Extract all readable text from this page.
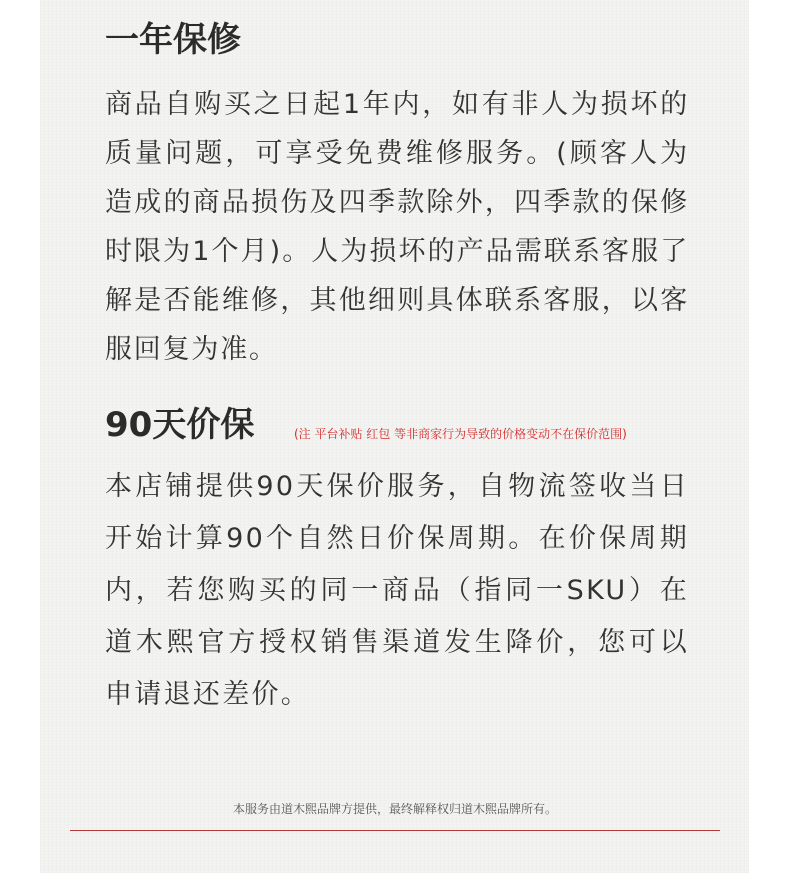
一年保修

商品自购买之日起1年内，如有非人为损坏的质量问题，可享受免费维修服务。(顾客人为造成的商品损伤及四季款除外，四季款的保修时限为1个月)。人为损坏的产品需联系客服了解是否能维修，其他细则具体联系客服，以客服回复为准。

90天价保	(注 平台补贴 红包 等非商家行为导致的价格变动不在保价范围)

本店铺提供90天保价服务，自物流签收当日开始计算90个自然日价保周期。在价保周期内，若您购买的同一商品（指同一SKU）在道木熙官方授权销售渠道发生降价，您可以申请退还差价。

本服务由道木熙品牌方提供，最终解释权归道木熙品牌所有。
